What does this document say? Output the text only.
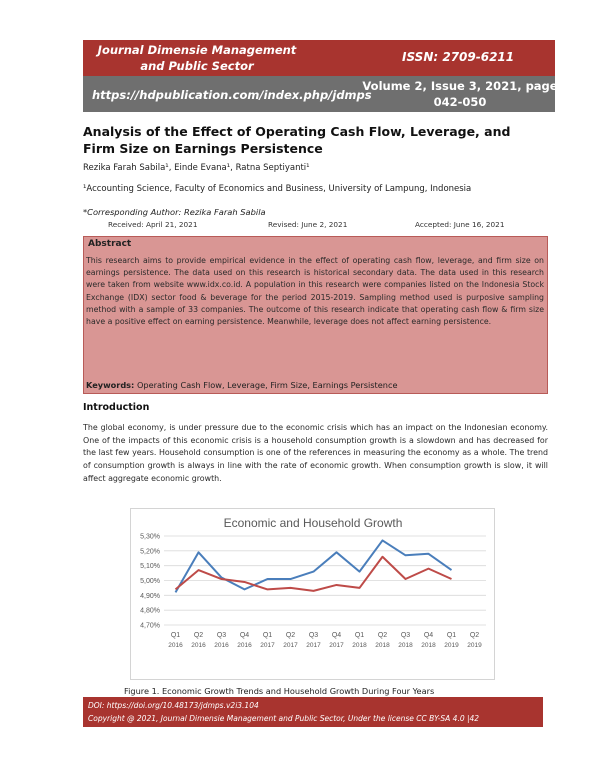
Journal Dimensie Management and Public Sector
ISSN: 2709-6211
https://hdpublication.com/index.php/jdmps
Volume 2, Issue 3, 2021, page 042-050
Analysis of the Effect of Operating Cash Flow, Leverage, and Firm Size on Earnings Persistence
Rezika Farah Sabila¹, Einde Evana¹, Ratna Septiyanti¹
¹Accounting Science, Faculty of Economics and Business, University of Lampung, Indonesia
*Corresponding Author: Rezika Farah Sabila
Received: April 21, 2021	Revised: June 2, 2021	Accepted: June 16, 2021
Abstract
This research aims to provide empirical evidence in the effect of operating cash flow, leverage, and firm size on earnings persistence. The data used on this research is historical secondary data. The data used in this research were taken from website www.idx.co.id. A population in this research were companies listed on the Indonesia Stock Exchange (IDX) sector food & beverage for the period 2015-2019. Sampling method used is purposive sampling method with a sample of 33 companies. The outcome of this research indicate that operating cash flow & firm size have a positive effect on earning persistence. Meanwhile, leverage does not affect earning persistence.
Keywords: Operating Cash Flow, Leverage, Firm Size, Earnings Persistence
Introduction
The global economy, is under pressure due to the economic crisis which has an impact on the Indonesian economy. One of the impacts of this economic crisis is a household consumption growth is a slowdown and has decreased for the last few years. Household consumption is one of the references in measuring the economy as a whole. The trend of consumption growth is always in line with the rate of economic growth. When consumption growth is slow, it will affect aggregate economic growth.
Economic and Household Growth
5,30%
5,20%
5,10%
5,00%
4,90%
4,80%
4,70%
Q1
2016
Q2
2016
Q3
2016
Q4
2016
Q1
2017
Q2
2017
Q3
2017
Q4
2017
Q1
2018
Q2
2018
Q3
2018
Q4
2018
Q1
2019
Q2
2019
Figure 1. Economic Growth Trends and Household Growth During Four Years
DOI: https://doi.org/10.48173/jdmps.v2i3.104
Copyright @ 2021, Journal Dimensie Management and Public Sector, Under the license CC BY-SA 4.0 |42
